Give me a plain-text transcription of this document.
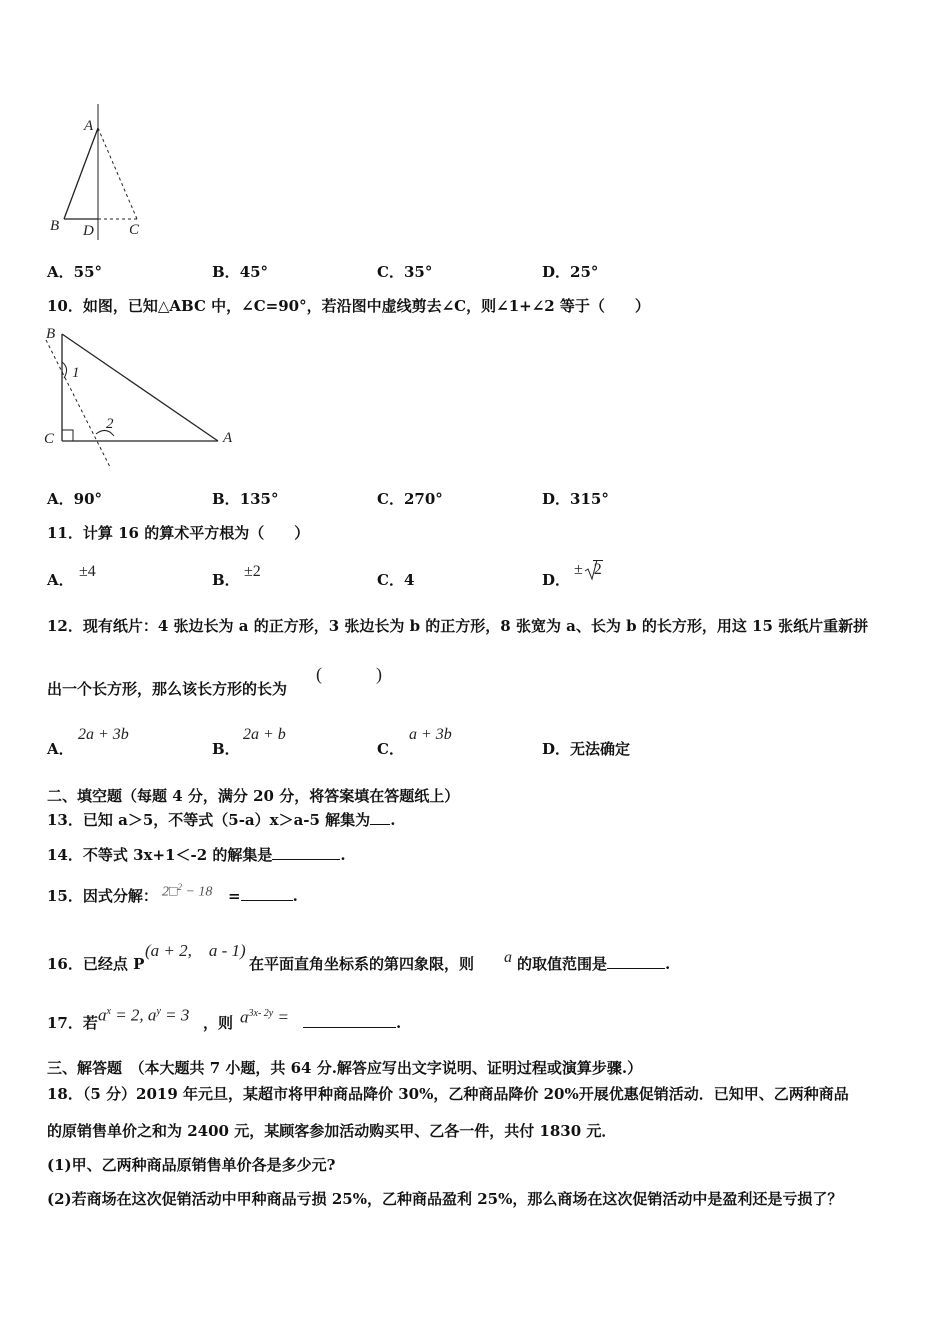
A
B D C
A．55°	B．45°	C．35°	D．25°
10．如图，已知△ABC 中，∠C=90°，若沿图中虚线剪去∠C，则∠1+∠2 等于（　　）
B
C	A
1
2
A．90°	B．135°	C．270°	D．315°
11．计算 16 的算术平方根为（　　）
A． ±4	B． ±2	C．4	D．
± 2
12．现有纸片：4 张边长为 a 的正方形，3 张边长为 b 的正方形，8 张宽为 a、长为 b 的长方形，用这 15 张纸片重新拼
出一个长方形，那么该长方形的长为
(　　　)
A．
2a + 3b
B．
2a + b
C．
a + 3b
D．无法确定
二、填空题（每题 4 分，满分 20 分，将答案填在答题纸上）
13．已知 a＞5，不等式（5-a）x＞a-5 解集为 .
14．不等式 3x+1＜-2 的解集是	.
15．因式分解： 2□$^2$ − 18 =	.
16．已经点 P
(a + 2,　a - 1)
在平面直角坐标系的第四象限，则 a 的取值范围是	.
17．若 $a^x = 2$, $a^y = 3$ ，则 $a^{3x- 2y}$ =	.
三、解答题　（本大题共 7 小题，共 64 分.解答应写出文字说明、证明过程或演算步骤.）
18．（5 分）2019 年元旦，某超市将甲种商品降价 30%，乙种商品降价 20%开展优惠促销活动．已知甲、乙两种商品
的原销售单价之和为 2400 元，某顾客参加活动购买甲、乙各一件，共付 1830 元．
(1)甲、乙两种商品原销售单价各是多少元?
(2)若商场在这次促销活动中甲种商品亏损 25%，乙种商品盈利 25%，那么商场在这次促销活动中是盈利还是亏损了？
